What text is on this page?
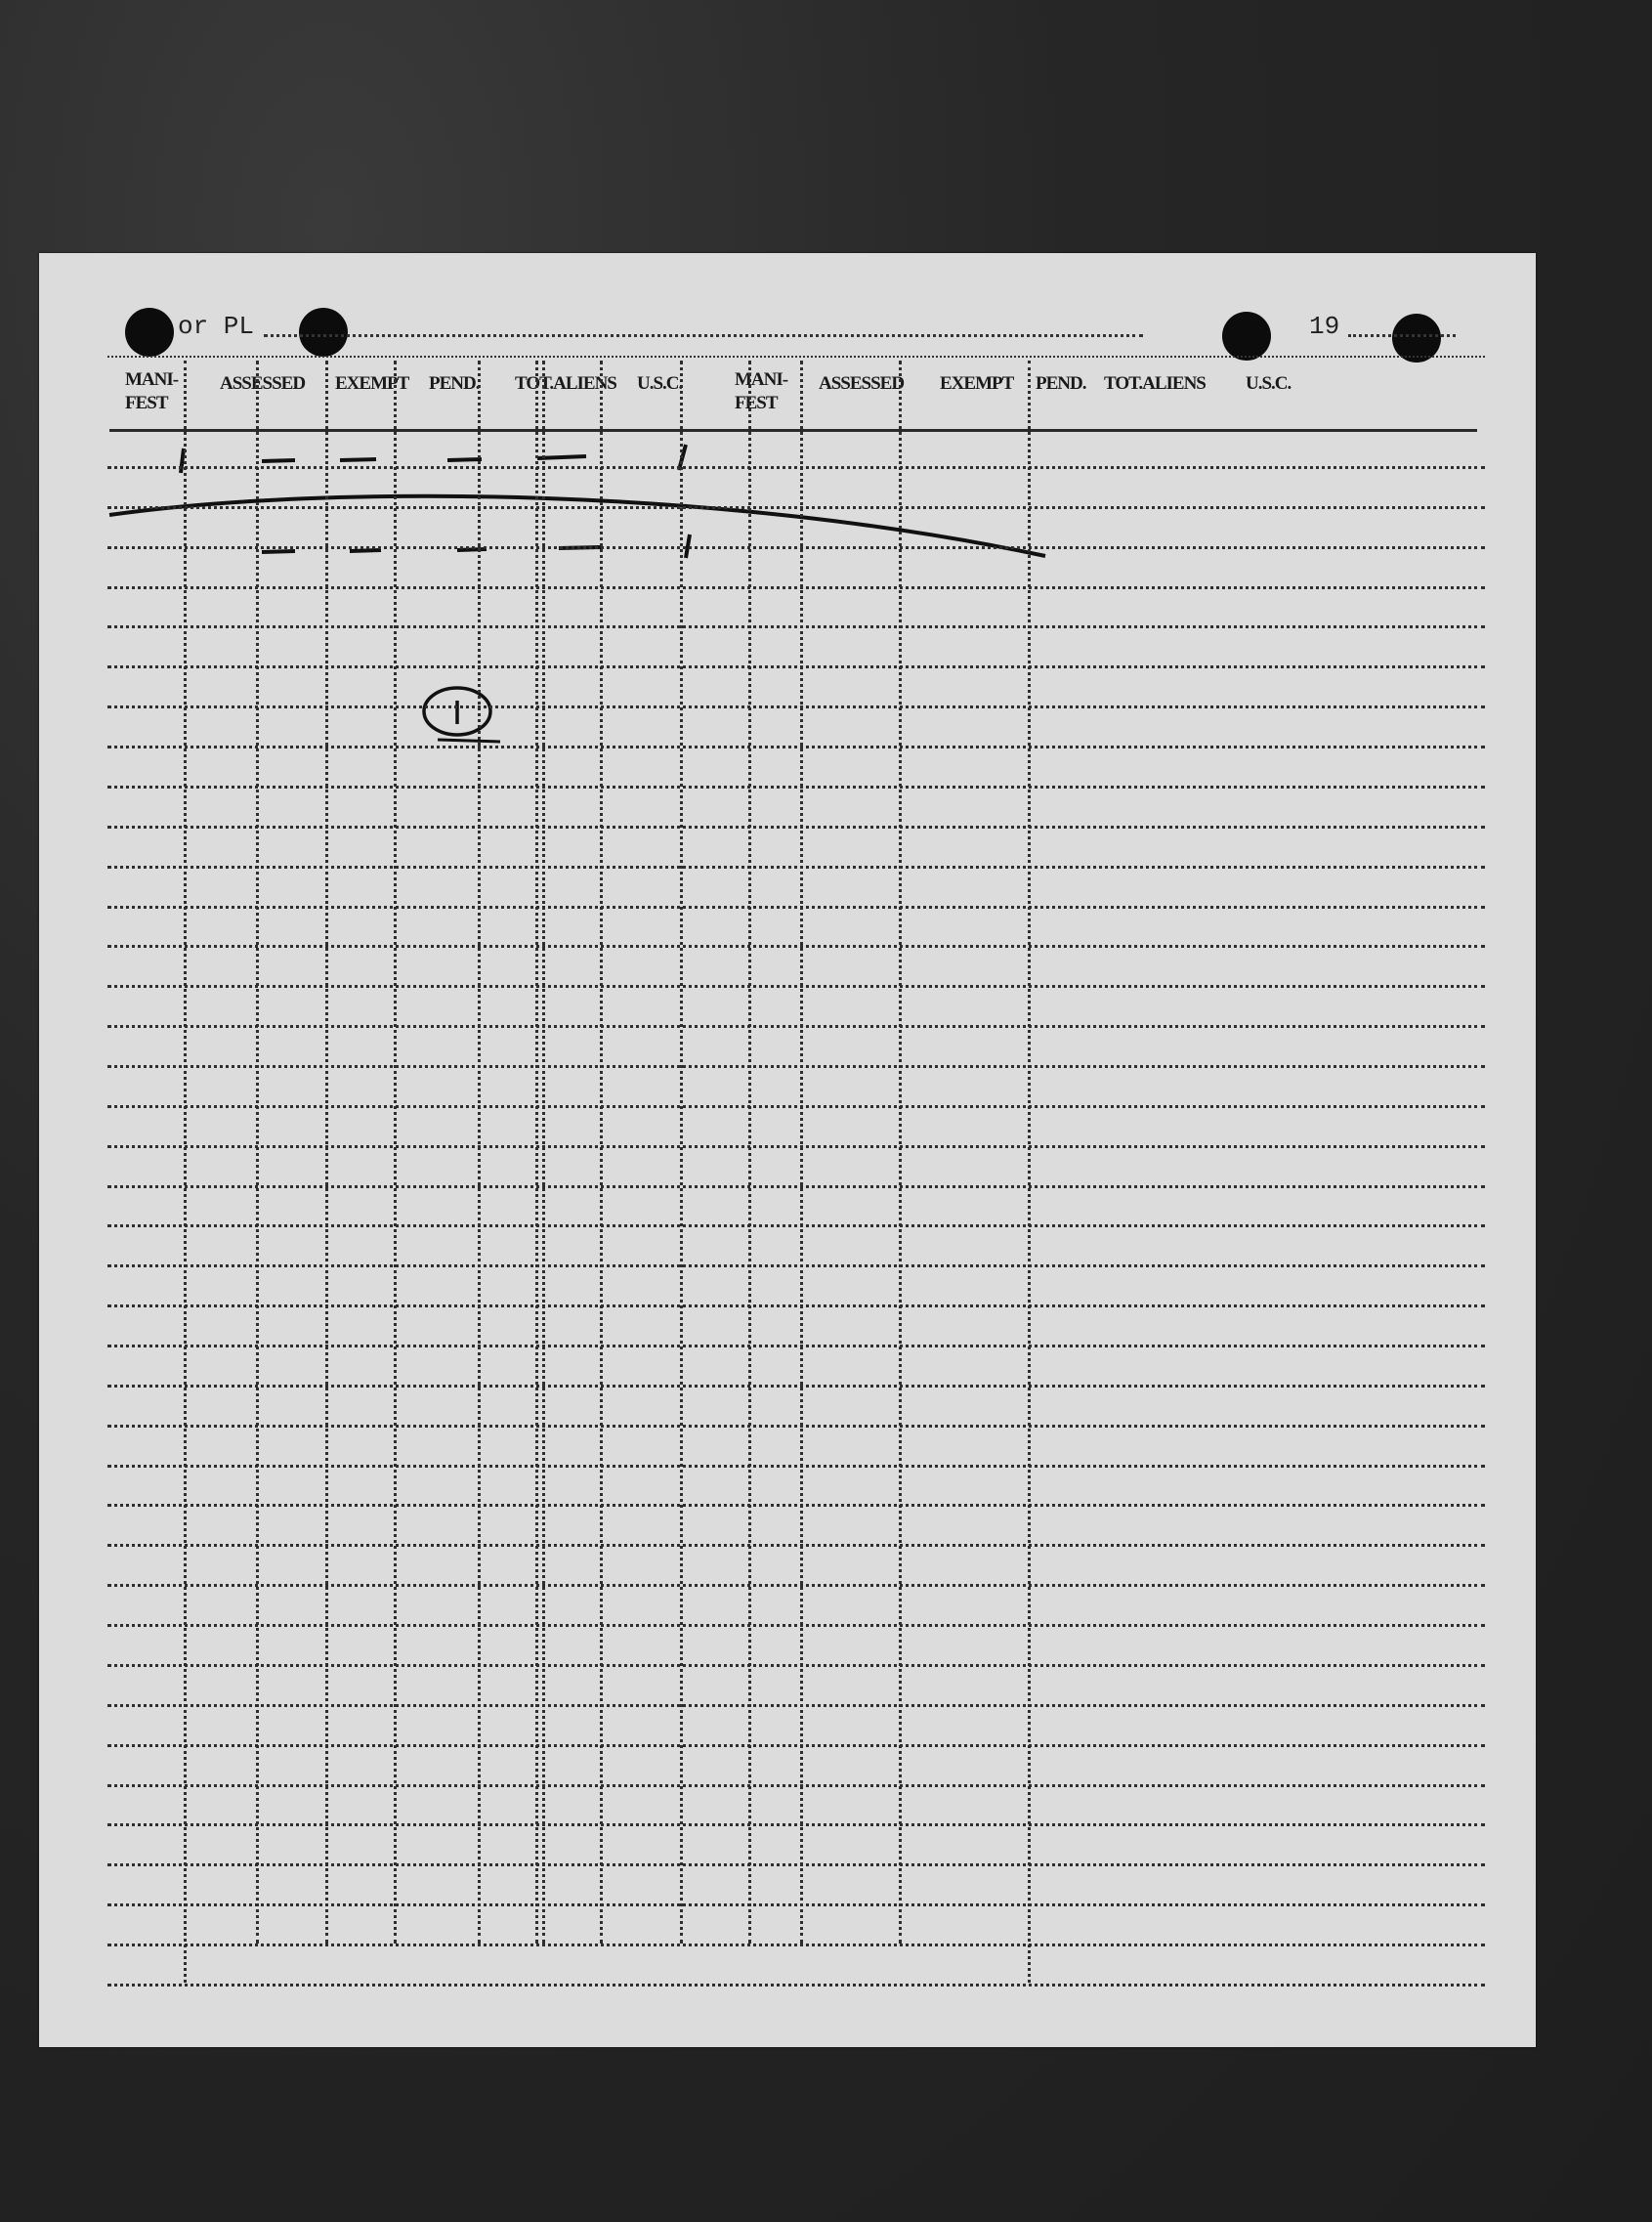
or PL	19
MANI-
FEST
ASSESSED EXEMPT PEND. TOT.ALIENS U.S.C.	MANI-
FEST
ASSESSED EXEMPT PEND. TOT.ALIENS U.S.C.
